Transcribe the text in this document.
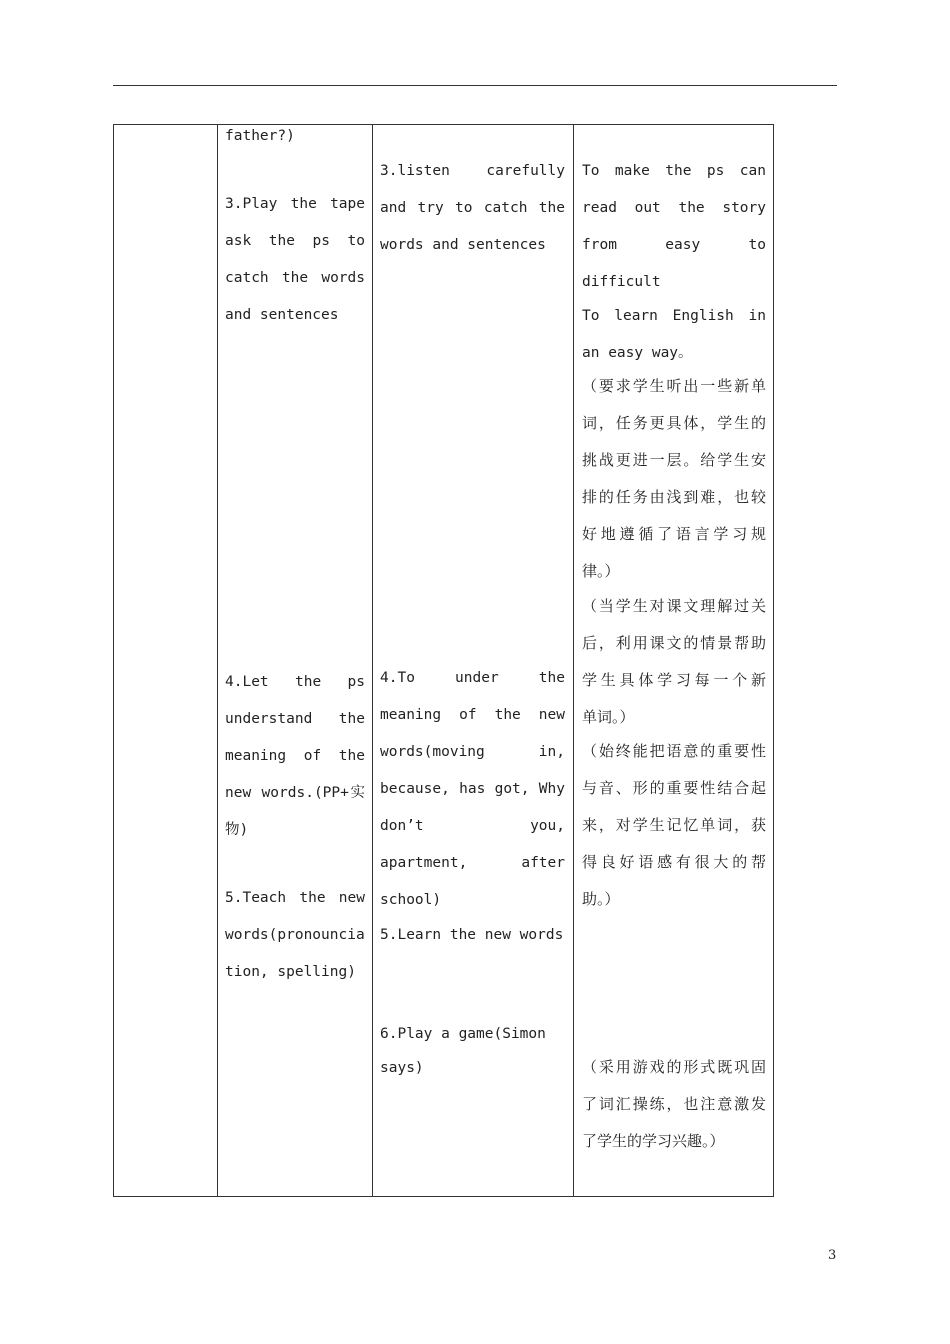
father?)
3.Play the tape
ask the ps to
catch the words
and sentences
4.Let the ps
understand the
meaning of the
new words.(PP+实
物)
5.Teach the new
words(pronouncia
tion, spelling)
3.listen carefully
and try to catch the
words and sentences
4.To under the
meaning of the new
words(moving in,
because, has got, Why
don’t you,
apartment, after
school)
5.Learn the new words
6.Play a game(Simon
says)
To make the ps can
read out the story
from easy to
difficult
To learn English in
an easy way。
（要求学生听出一些新单
词，任务更具体，学生的
挑战更进一层。给学生安
排的任务由浅到难，也较
好地遵循了语言学习规
律。）
（当学生对课文理解过关
后，利用课文的情景帮助
学生具体学习每一个新
单词。）
（始终能把语意的重要性
与音、形的重要性结合起
来，对学生记忆单词，获
得良好语感有很大的帮
助。）
（采用游戏的形式既巩固
了词汇操练，也注意激发
了学生的学习兴趣。）
3
